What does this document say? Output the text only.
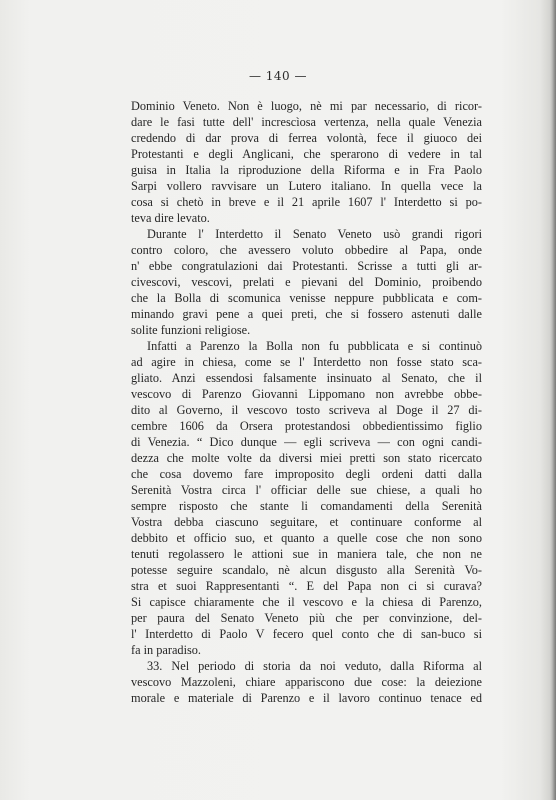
— 140 —
Dominio Veneto. Non è luogo, nè mi par necessario, di ricor-
dare le fasi tutte dell' increscìosa vertenza, nella quale Venezia
credendo di dar prova di ferrea volontà, fece il giuoco dei
Protestanti e degli Anglicani, che sperarono di vedere in tal
guisa in Italia la riproduzione della Riforma e in Fra Paolo
Sarpi vollero ravvisare un Lutero italiano. In quella vece la
cosa si chetò in breve e il 21 aprile 1607 l' Interdetto si po-
teva dire levato.
Durante l' Interdetto il Senato Veneto usò grandi rigori
contro coloro, che avessero voluto obbedire al Papa, onde
n' ebbe congratulazioni dai Protestanti. Scrisse a tutti gli ar-
civescovi, vescovi, prelati e pievani del Dominio, proibendo
che la Bolla di scomunica venisse neppure pubblicata e com-
minando gravi pene a quei preti, che si fossero astenuti dalle
solite funzioni religiose.
Infatti a Parenzo la Bolla non fu pubblicata e si continuò
ad agire in chiesa, come se l' Interdetto non fosse stato sca-
gliato. Anzi essendosi falsamente insinuato al Senato, che il
vescovo di Parenzo Giovanni Lippomano non avrebbe obbe-
dito al Governo, il vescovo tosto scriveva al Doge il 27 di-
cembre 1606 da Orsera protestandosi obbedientissimo figlio
di Venezia. “ Dico dunque — egli scriveva — con ogni candi-
dezza che molte volte da diversi miei pretti son stato ricercato
che cosa dovemo fare improposito degli ordeni datti dalla
Serenità Vostra circa l' officiar delle sue chiese, a quali ho
sempre risposto che stante li comandamenti della Serenità
Vostra debba ciascuno seguitare, et continuare conforme al
debbito et officio suo, et quanto a quelle cose che non sono
tenuti regolassero le attioni sue in maniera tale, che non ne
potesse seguire scandalo, nè alcun disgusto alla Serenità Vo-
stra et suoi Rappresentanti “. E del Papa non ci si curava?
Si capisce chiaramente che il vescovo e la chiesa di Parenzo,
per paura del Senato Veneto più che per convinzione, del-
l' Interdetto di Paolo V fecero quel conto che di san-buco si
fa in paradiso.
33. Nel periodo di storia da noi veduto, dalla Riforma al
vescovo Mazzoleni, chiare appariscono due cose: la deiezione
morale e materiale di Parenzo e il lavoro continuo tenace ed
